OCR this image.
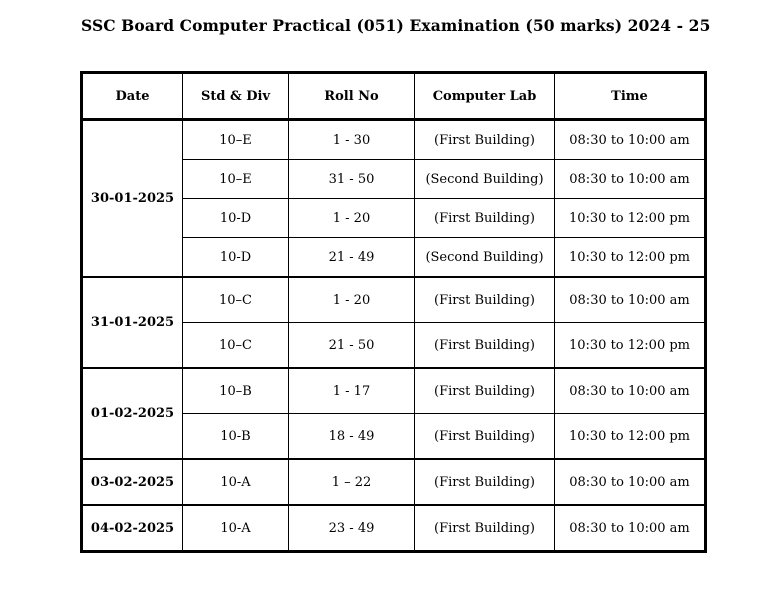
SSC Board Computer Practical (051) Examination (50 marks) 2024 - 25
Date	Std & Div	Roll No	Computer Lab	Time
30-01-2025	10–E	1 - 30	(First Building)	08:30 to 10:00 am
	10–E	31 - 50	(Second Building)	08:30 to 10:00 am
	10-D	1 - 20	(First Building)	10:30 to 12:00 pm
	10-D	21 - 49	(Second Building)	10:30 to 12:00 pm
31-01-2025	10–C	1 - 20	(First Building)	08:30 to 10:00 am
	10–C	21 - 50	(First Building)	10:30 to 12:00 pm
01-02-2025	10–B	1 - 17	(First Building)	08:30 to 10:00 am
	10-B	18 - 49	(First Building)	10:30 to 12:00 pm
03-02-2025	10-A	1 – 22	(First Building)	08:30 to 10:00 am
04-02-2025	10-A	23 - 49	(First Building)	08:30 to 10:00 am
